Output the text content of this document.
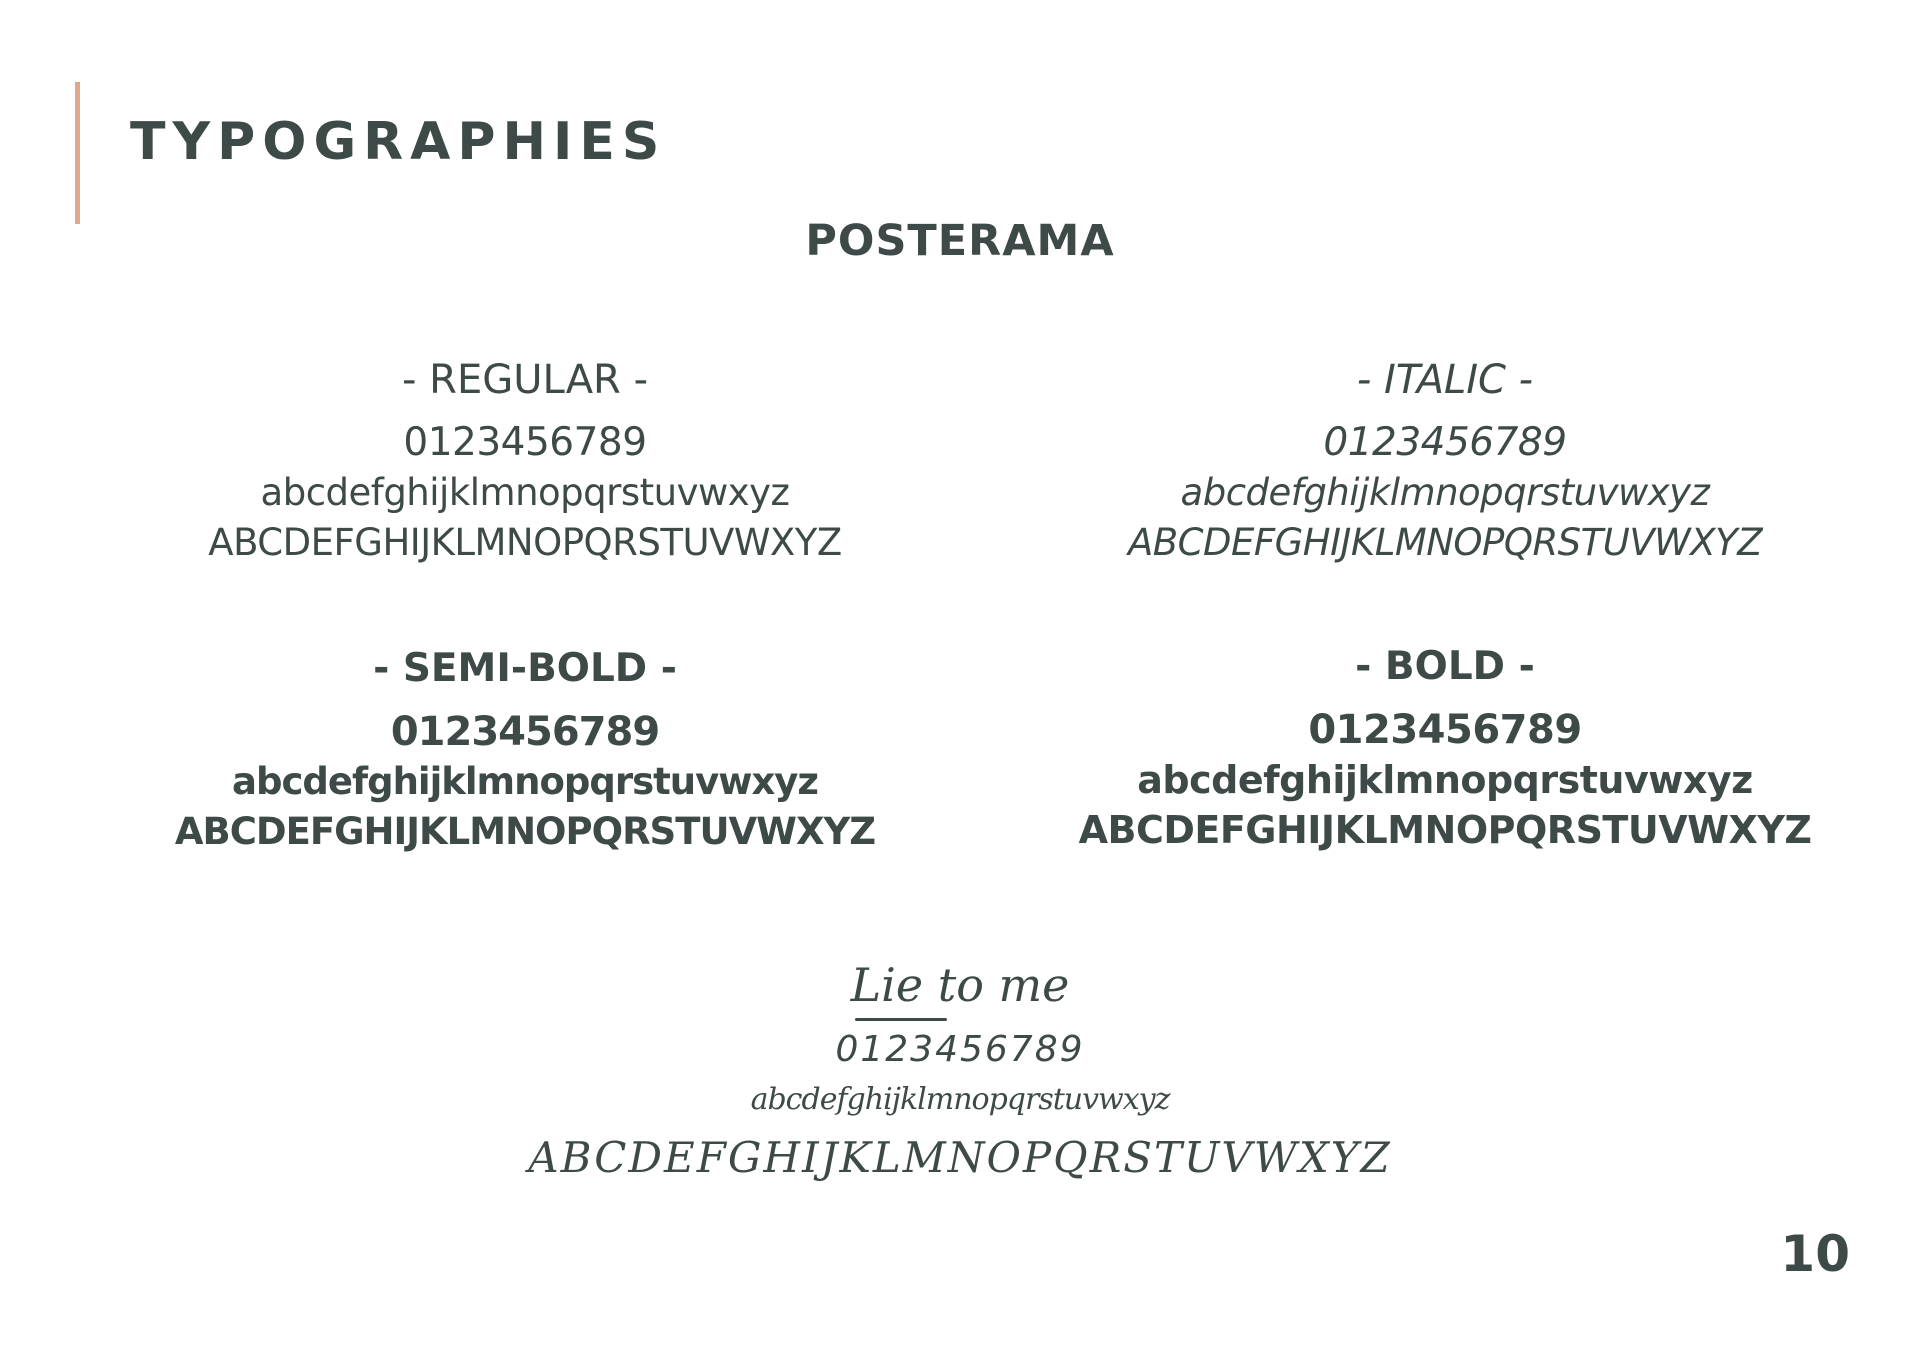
TYPOGRAPHIES
POSTERAMA
- REGULAR -
0123456789
abcdefghijklmnopqrstuvwxyz
ABCDEFGHIJKLMNOPQRSTUVWXYZ
- ITALIC -
0123456789
abcdefghijklmnopqrstuvwxyz
ABCDEFGHIJKLMNOPQRSTUVWXYZ
- SEMI-BOLD -
0123456789
abcdefghijklmnopqrstuvwxyz
ABCDEFGHIJKLMNOPQRSTUVWXYZ
- BOLD -
0123456789
abcdefghijklmnopqrstuvwxyz
ABCDEFGHIJKLMNOPQRSTUVWXYZ
Lie to me
0123456789
abcdefghijklmnopqrstuvwxyz
ABCDEFGHIJKLMNOPQRSTUVWXYZ
10
